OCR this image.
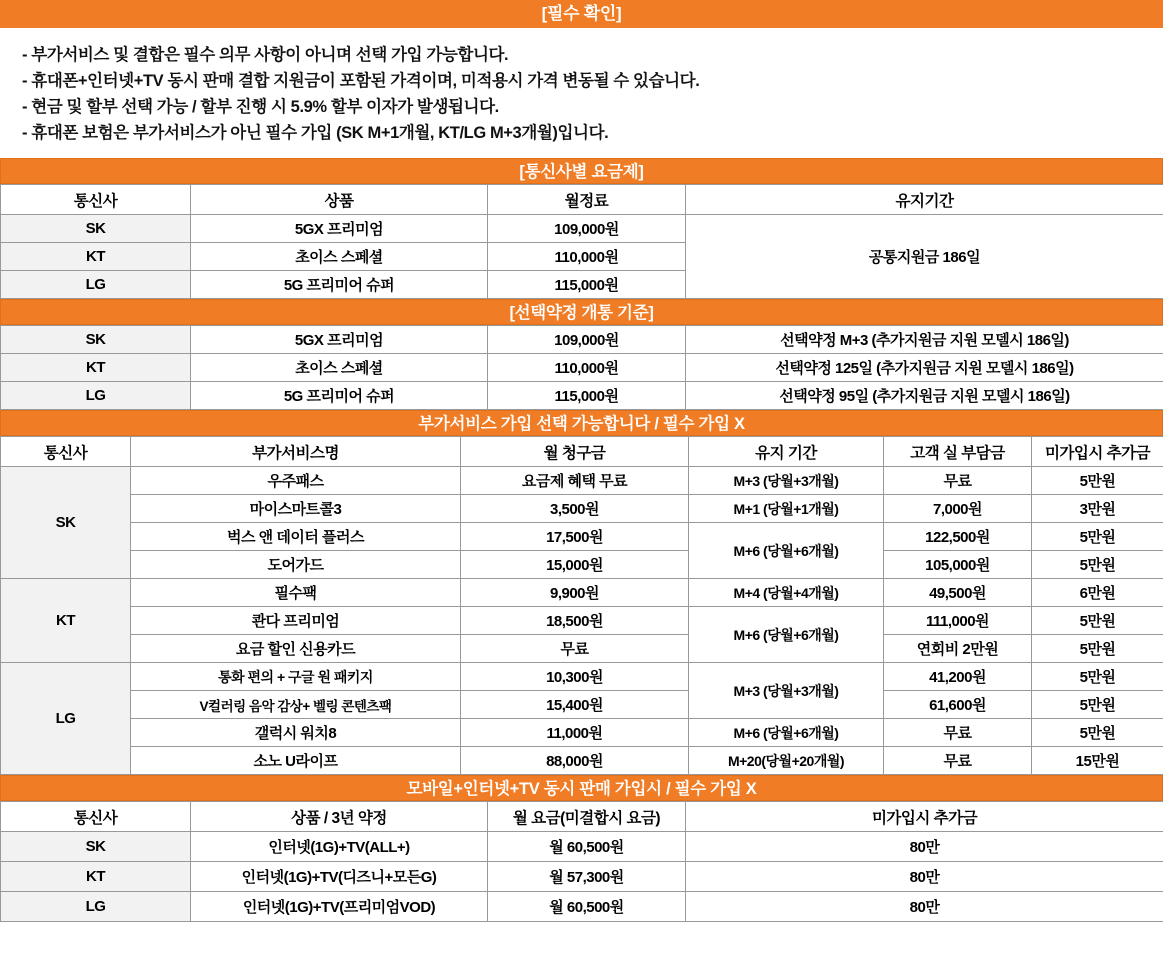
[필수 확인]
- 부가서비스 및 결합은 필수 의무 사항이 아니며 선택 가입 가능합니다.
- 휴대폰+인터넷+TV 동시 판매 결합 지원금이 포함된 가격이며, 미적용시 가격 변동될 수 있습니다.
- 현금 및 할부 선택 가능 / 할부 진행 시 5.9% 할부 이자가 발생됩니다.
- 휴대폰 보험은 부가서비스가 아닌 필수 가입 (SK M+1개월, KT/LG M+3개월)입니다.
[통신사별 요금제]
통신사	상품	월정료	유지기간
SK	5GX 프리미엄	109,000원	공통지원금 186일
KT	초이스 스페셜	110,000원	
LG	5G 프리미어 슈퍼	115,000원	
[선택약정 개통 기준]
SK	5GX 프리미엄	109,000원	선택약정 M+3 (추가지원금 지원 모델시 186일)
KT	초이스 스페셜	110,000원	선택약정 125일 (추가지원금 지원 모델시 186일)
LG	5G 프리미어 슈퍼	115,000원	선택약정 95일 (추가지원금 지원 모델시 186일)
부가서비스 가입 선택 가능합니다 / 필수 가입 X
통신사	부가서비스명	월 청구금	유지 기간	고객 실 부담금	미가입시 추가금
SK	우주패스	요금제 혜택 무료	M+3 (당월+3개월)	무료	5만원
	마이스마트콜3	3,500원	M+1 (당월+1개월)	7,000원	3만원
	벅스 앤 데이터 플러스	17,500원	M+6 (당월+6개월)	122,500원	5만원
	도어가드	15,000원		105,000원	5만원
KT	필수팩	9,900원	M+4 (당월+4개월)	49,500원	6만원
	콴다 프리미엄	18,500원	M+6 (당월+6개월)	111,000원	5만원
	요금 할인 신용카드	무료		연회비 2만원	5만원
LG	통화 편의 + 구글 원 패키지	10,300원	M+3 (당월+3개월)	41,200원	5만원
	V컬러링 음악 감상+ 벨링 콘텐츠팩	15,400원		61,600원	5만원
	갤럭시 워치8	11,000원	M+6 (당월+6개월)	무료	5만원
	소노 U라이프	88,000원	M+20(당월+20개월)	무료	15만원
모바일+인터넷+TV 동시 판매 가입시 / 필수 가입 X
통신사	상품 / 3년 약정	월 요금(미결합시 요금)	미가입시 추가금
SK	인터넷(1G)+TV(ALL+)	월 60,500원	80만
KT	인터넷(1G)+TV(디즈니+모든G)	월 57,300원	80만
LG	인터넷(1G)+TV(프리미엄VOD)	월 60,500원	80만
